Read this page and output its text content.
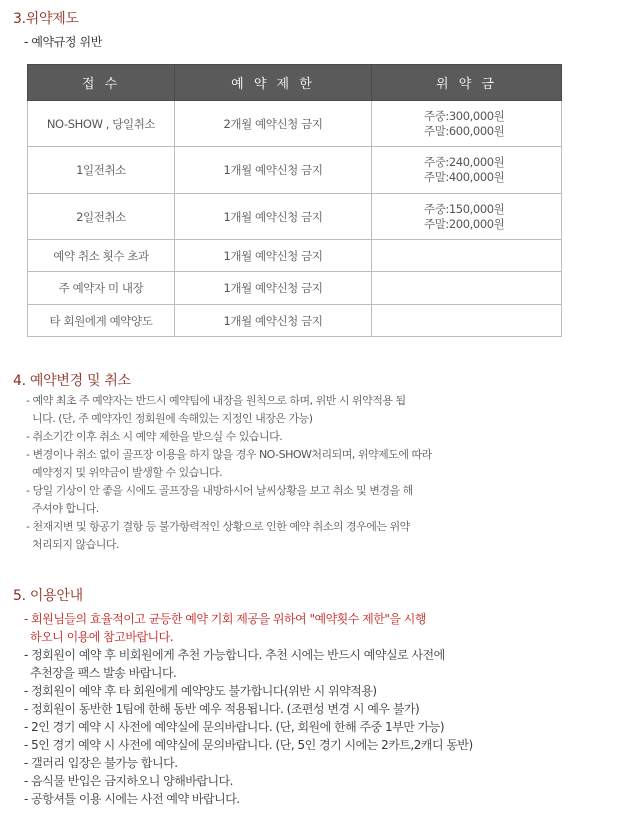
3.위약제도
- 예약규정 위반
접 수	예 약 제 한	위 약 금
NO-SHOW , 당일취소	2개월 예약신청 금지	주중:300,000원
주말:600,000원

1일전취소	1개월 예약신청 금지	주중:240,000원
주말:400,000원

2일전취소	1개월 예약신청 금지	주중:150,000원
주말:200,000원

예약 취소 횟수 초과	1개월 예약신청 금지	
주 예약자 미 내장	1개월 예약신청 금지	
타 회원에게 예약양도	1개월 예약신청 금지	
4. 예약변경 및 취소
- 예약 최초 주 예약자는 반드시 예약팀에 내장을 원칙으로 하며, 위반 시 위약적용 됩

니다. (단, 주 예약자인 정회원에 속해있는 지정인 내장은 가능)
- 취소기간 이후 취소 시 예약 제한을 받으실 수 있습니다.
- 변경이나 취소 없이 골프장 이용을 하지 않을 경우 NO-SHOW처리되며, 위약제도에 따라

예약정지 및 위약금이 발생할 수 있습니다.
- 당일 기상이 안 좋을 시에도 골프장을 내방하시어 날씨상황을 보고 취소 및 변경을 해

주셔야 합니다.
- 천재지변 및 항공기 결항 등 불가항력적인 상황으로 인한 예약 취소의 경우에는 위약

처리되지 않습니다.
5. 이용안내
- 회원님들의 효율적이고 균등한 예약 기회 제공을 위하여 "예약횟수 제한"을 시행

하오니 이용에 참고바랍니다.
- 정회원이 예약 후 비회원에게 추천 가능합니다. 추천 시에는 반드시 예약실로 사전에

추천장을 팩스 발송 바랍니다.
- 정회원이 예약 후 타 회원에게 예약양도 불가합니다(위반 시 위약적용)
- 정회원이 동반한 1팀에 한해 동반 예우 적용됩니다. (조편성 변경 시 예우 불가)
- 2인 경기 예약 시 사전에 예약실에 문의바랍니다. (단, 회원에 한해 주중 1부만 가능)
- 5인 경기 예약 시 사전에 예약실에 문의바랍니다. (단, 5인 경기 시에는 2카트,2캐디 동반)
- 갤러리 입장은 불가능 합니다.
- 음식물 반입은 금지하오니 양해바랍니다.
- 공항셔틀 이용 시에는 사전 예약 바랍니다.
